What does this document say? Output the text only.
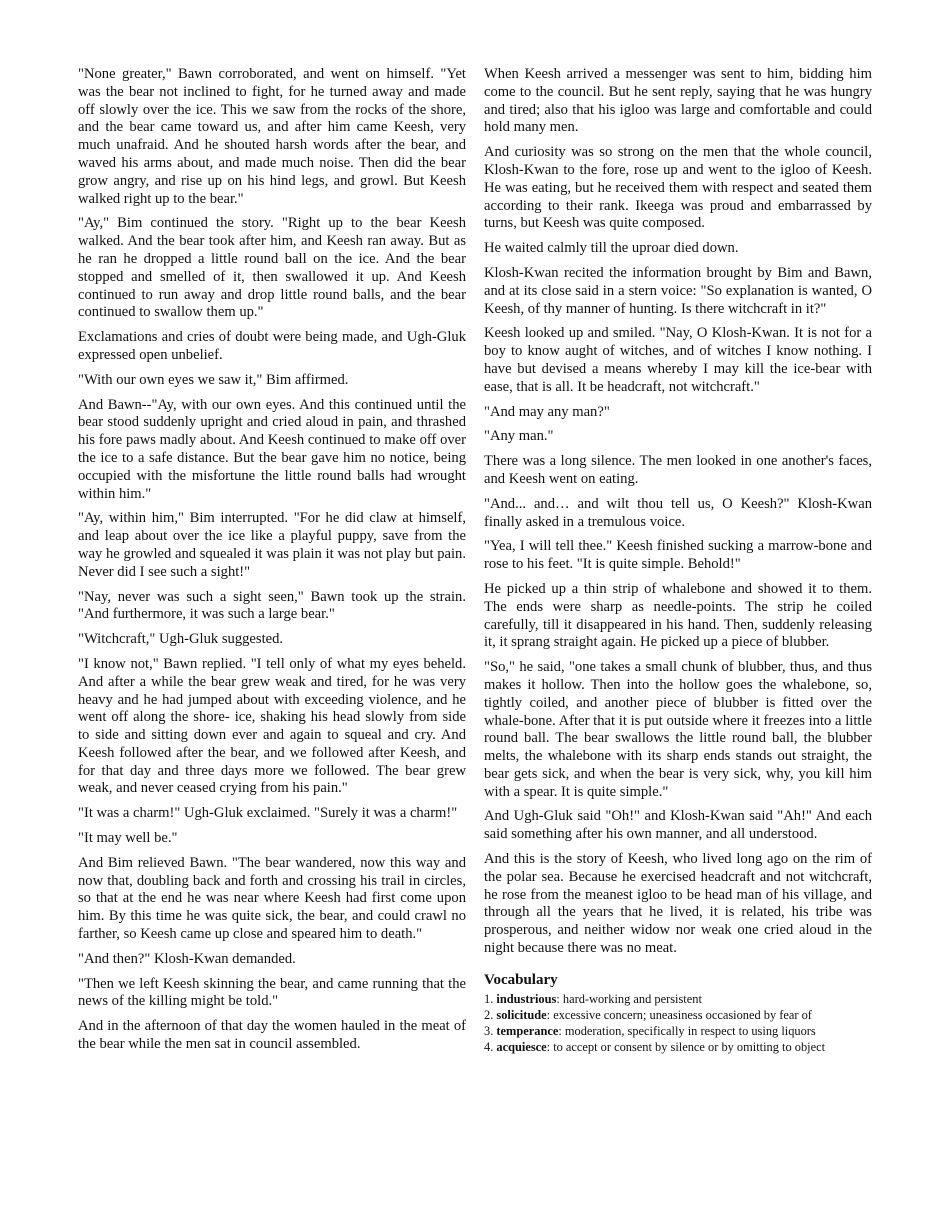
"None greater," Bawn corroborated, and went on himself. "Yet was the bear not inclined to fight, for he turned away and made off slowly over the ice. This we saw from the rocks of the shore, and the bear came toward us, and after him came Keesh, very much unafraid. And he shouted harsh words after the bear, and waved his arms about, and made much noise. Then did the bear grow angry, and rise up on his hind legs, and growl. But Keesh walked right up to the bear."

"Ay," Bim continued the story. "Right up to the bear Keesh walked. And the bear took after him, and Keesh ran away. But as he ran he dropped a little round ball on the ice. And the bear stopped and smelled of it, then swallowed it up. And Keesh continued to run away and drop little round balls, and the bear continued to swallow them up."

Exclamations and cries of doubt were being made, and Ugh-Gluk expressed open unbelief.

"With our own eyes we saw it," Bim affirmed.

And Bawn--"Ay, with our own eyes. And this continued until the bear stood suddenly upright and cried aloud in pain, and thrashed his fore paws madly about. And Keesh continued to make off over the ice to a safe distance. But the bear gave him no notice, being occupied with the misfortune the little round balls had wrought within him."

"Ay, within him," Bim interrupted. "For he did claw at himself, and leap about over the ice like a playful puppy, save from the way he growled and squealed it was plain it was not play but pain. Never did I see such a sight!"

"Nay, never was such a sight seen," Bawn took up the strain. "And furthermore, it was such a large bear."

"Witchcraft," Ugh-Gluk suggested.

"I know not," Bawn replied. "I tell only of what my eyes beheld. And after a while the bear grew weak and tired, for he was very heavy and he had jumped about with exceeding violence, and he went off along the shore- ice, shaking his head slowly from side to side and sitting down ever and again to squeal and cry. And Keesh followed after the bear, and we followed after Keesh, and for that day and three days more we followed. The bear grew weak, and never ceased crying from his pain."

"It was a charm!" Ugh-Gluk exclaimed. "Surely it was a charm!"

"It may well be."

And Bim relieved Bawn. "The bear wandered, now this way and now that, doubling back and forth and crossing his trail in circles, so that at the end he was near where Keesh had first come upon him. By this time he was quite sick, the bear, and could crawl no farther, so Keesh came up close and speared him to death."

"And then?" Klosh-Kwan demanded.

"Then we left Keesh skinning the bear, and came running that the news of the killing might be told."

And in the afternoon of that day the women hauled in the meat of the bear while the men sat in council assembled.

When Keesh arrived a messenger was sent to him, bidding him come to the council. But he sent reply, saying that he was hungry and tired; also that his igloo was large and comfortable and could hold many men.

And curiosity was so strong on the men that the whole council, Klosh-Kwan to the fore, rose up and went to the igloo of Keesh. He was eating, but he received them with respect and seated them according to their rank. Ikeega was proud and embarrassed by turns, but Keesh was quite composed.

He waited calmly till the uproar died down.

Klosh-Kwan recited the information brought by Bim and Bawn, and at its close said in a stern voice: "So explanation is wanted, O Keesh, of thy manner of hunting. Is there witchcraft in it?"

Keesh looked up and smiled. "Nay, O Klosh-Kwan. It is not for a boy to know aught of witches, and of witches I know nothing. I have but devised a means whereby I may kill the ice-bear with ease, that is all. It be headcraft, not witchcraft."

"And may any man?"

"Any man."

There was a long silence. The men looked in one another's faces, and Keesh went on eating.

"And... and… and wilt thou tell us, O Keesh?" Klosh-Kwan finally asked in a tremulous voice.

"Yea, I will tell thee." Keesh finished sucking a marrow-bone and rose to his feet. "It is quite simple. Behold!"

He picked up a thin strip of whalebone and showed it to them. The ends were sharp as needle-points. The strip he coiled carefully, till it disappeared in his hand. Then, suddenly releasing it, it sprang straight again. He picked up a piece of blubber.

"So," he said, "one takes a small chunk of blubber, thus, and thus makes it hollow. Then into the hollow goes the whalebone, so, tightly coiled, and another piece of blubber is fitted over the whale-bone. After that it is put outside where it freezes into a little round ball. The bear swallows the little round ball, the blubber melts, the whalebone with its sharp ends stands out straight, the bear gets sick, and when the bear is very sick, why, you kill him with a spear. It is quite simple."

And Ugh-Gluk said "Oh!" and Klosh-Kwan said "Ah!" And each said something after his own manner, and all understood.

And this is the story of Keesh, who lived long ago on the rim of the polar sea. Because he exercised headcraft and not witchcraft, he rose from the meanest igloo to be head man of his village, and through all the years that he lived, it is related, his tribe was prosperous, and neither widow nor weak one cried aloud in the night because there was no meat.

Vocabulary
1. industrious: hard-working and persistent
2. solicitude: excessive concern; uneasiness occasioned by fear of
3. temperance: moderation, specifically in respect to using liquors
4. acquiesce: to accept or consent by silence or by omitting to object
